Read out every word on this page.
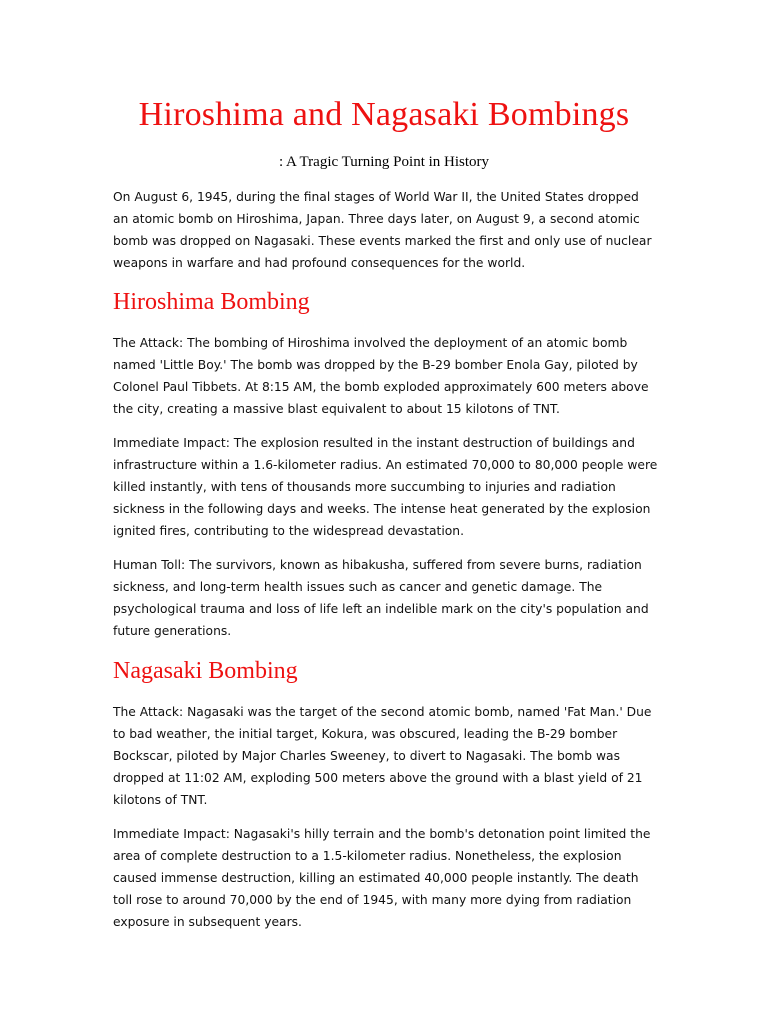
Hiroshima and Nagasaki Bombings

: A Tragic Turning Point in History

On August 6, 1945, during the final stages of World War II, the United States dropped an atomic bomb on Hiroshima, Japan. Three days later, on August 9, a second atomic bomb was dropped on Nagasaki. These events marked the first and only use of nuclear weapons in warfare and had profound consequences for the world.

Hiroshima Bombing

The Attack: The bombing of Hiroshima involved the deployment of an atomic bomb named 'Little Boy.' The bomb was dropped by the B-29 bomber Enola Gay, piloted by Colonel Paul Tibbets. At 8:15 AM, the bomb exploded approximately 600 meters above the city, creating a massive blast equivalent to about 15 kilotons of TNT.

Immediate Impact: The explosion resulted in the instant destruction of buildings and infrastructure within a 1.6-kilometer radius. An estimated 70,000 to 80,000 people were killed instantly, with tens of thousands more succumbing to injuries and radiation sickness in the following days and weeks. The intense heat generated by the explosion ignited fires, contributing to the widespread devastation.

Human Toll: The survivors, known as hibakusha, suffered from severe burns, radiation sickness, and long-term health issues such as cancer and genetic damage. The psychological trauma and loss of life left an indelible mark on the city's population and future generations.

Nagasaki Bombing

The Attack: Nagasaki was the target of the second atomic bomb, named 'Fat Man.' Due to bad weather, the initial target, Kokura, was obscured, leading the B-29 bomber Bockscar, piloted by Major Charles Sweeney, to divert to Nagasaki. The bomb was dropped at 11:02 AM, exploding 500 meters above the ground with a blast yield of 21 kilotons of TNT.

Immediate Impact: Nagasaki's hilly terrain and the bomb's detonation point limited the area of complete destruction to a 1.5-kilometer radius. Nonetheless, the explosion caused immense destruction, killing an estimated 40,000 people instantly. The death toll rose to around 70,000 by the end of 1945, with many more dying from radiation exposure in subsequent years.
